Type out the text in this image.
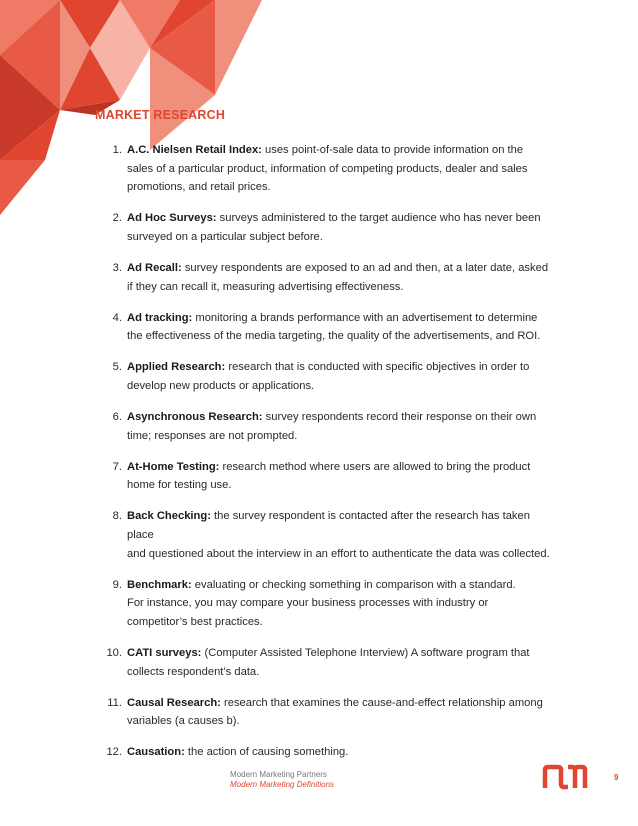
MARKET RESEARCH
1. A.C. Nielsen Retail Index: uses point-of-sale data to provide information on the
sales of a particular product, information of competing products, dealer and sales
promotions, and retail prices.
2. Ad Hoc Surveys: surveys administered to the target audience who has never been
surveyed on a particular subject before.
3. Ad Recall: survey respondents are exposed to an ad and then, at a later date, asked
if they can recall it, measuring advertising effectiveness.
4. Ad tracking: monitoring a brands performance with an advertisement to determine
the effectiveness of the media targeting, the quality of the advertisements, and ROI.
5. Applied Research: research that is conducted with specific objectives in order to
develop new products or applications.
6. Asynchronous Research: survey respondents record their response on their own
time; responses are not prompted.
7. At-Home Testing: research method where users are allowed to bring the product
home for testing use.
8. Back Checking: the survey respondent is contacted after the research has taken place
and questioned about the interview in an effort to authenticate the data was collected.
9. Benchmark: evaluating or checking something in comparison with a standard.
For instance, you may compare your business processes with industry or
competitor’s best practices.
10. CATI surveys: (Computer Assisted Telephone Interview) A software program that
collects respondent’s data.
11. Causal Research: research that examines the cause-and-effect relationship among
variables (a causes b).
12. Causation: the action of causing something.
Modern Marketing Partners
Modern Marketing Definitions
9
